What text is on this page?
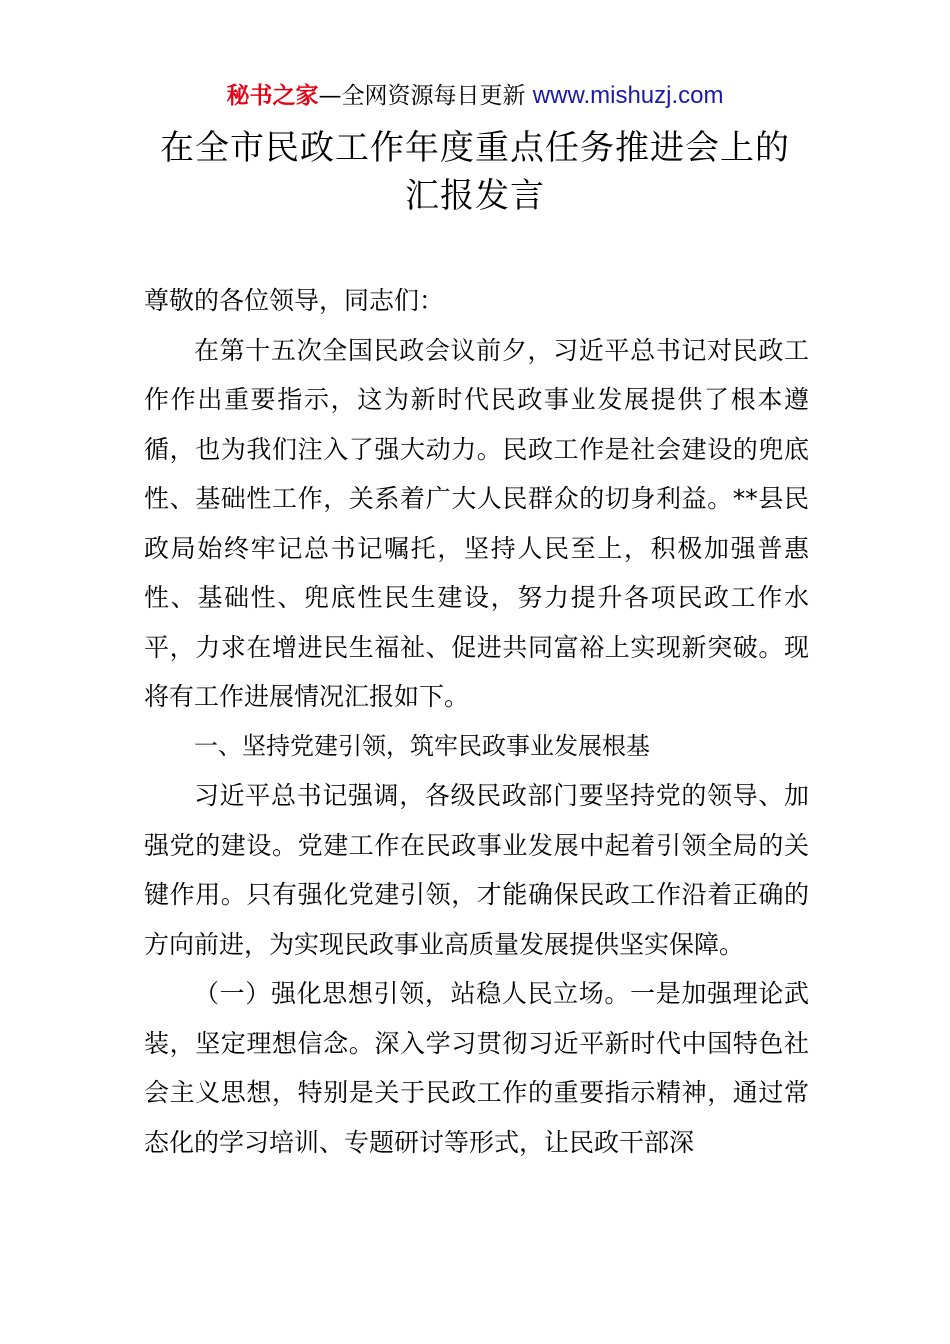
秘书之家—全网资源每日更新 www.mishuzj.com
在全市民政工作年度重点任务推进会上的
汇报发言

尊敬的各位领导，同志们：

在第十五次全国民政会议前夕，习近平总书记对民政工作作出重要指示，这为新时代民政事业发展提供了根本遵循，也为我们注入了强大动力。民政工作是社会建设的兜底性、基础性工作，关系着广大人民群众的切身利益。**县民政局始终牢记总书记嘱托，坚持人民至上，积极加强普惠性、基础性、兜底性民生建设，努力提升各项民政工作水平，力求在增进民生福祉、促进共同富裕上实现新突破。现将有工作进展情况汇报如下。

一、坚持党建引领，筑牢民政事业发展根基

习近平总书记强调，各级民政部门要坚持党的领导、加强党的建设。党建工作在民政事业发展中起着引领全局的关键作用。只有强化党建引领，才能确保民政工作沿着正确的方向前进，为实现民政事业高质量发展提供坚实保障。

（一）强化思想引领，站稳人民立场。一是加强理论武装，坚定理想信念。深入学习贯彻习近平新时代中国特色社会主义思想，特别是关于民政工作的重要指示精神，通过常态化的学习培训、专题研讨等形式，让民政干部深
